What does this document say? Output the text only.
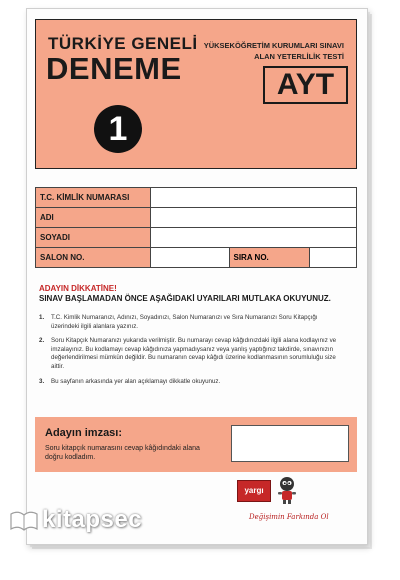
TÜRKİYE GENELİ
DENEME
1
YÜKSEKÖĞRETİM KURUMLARI SINAVI
ALAN YETERLİLİK TESTİ
AYT
T.C. KİMLİK NUMARASI
ADI
SOYADI
SALON NO.	SIRA NO.
ADAYIN DİKKATİNE!
SINAV BAŞLAMADAN ÖNCE AŞAĞIDAKİ UYARILARI MUTLAKA OKUYUNUZ.
1.	T.C. Kimlik Numaranızı, Adınızı, Soyadınızı, Salon Numaranızı ve Sıra Numaranızı Soru Kitapçığı üzerindeki ilgili alanlara yazınız.
2.	Soru Kitapçık Numaranızı yukarıda verilmiştir. Bu numarayı cevap kâğıdınızdaki ilgili alana kodlayınız ve imzalayınız. Bu kodlamayı cevap kâğıdınıza yapmadıysanız veya yanlış yaptığınız takdirde, sınavınızın değerlendirilmesi mümkün değildir. Bu numaranın cevap kâğıdı üzerine kodlanmasının sorumluluğu size aittir.
3.	Bu sayfanın arkasında yer alan açıklamayı dikkatle okuyunuz.
Adayın imzası:
Soru kitapçık numarasını cevap kâğıdındaki alana doğru kodladım.
yargı
Değişimin Farkında Ol
kitapsec
